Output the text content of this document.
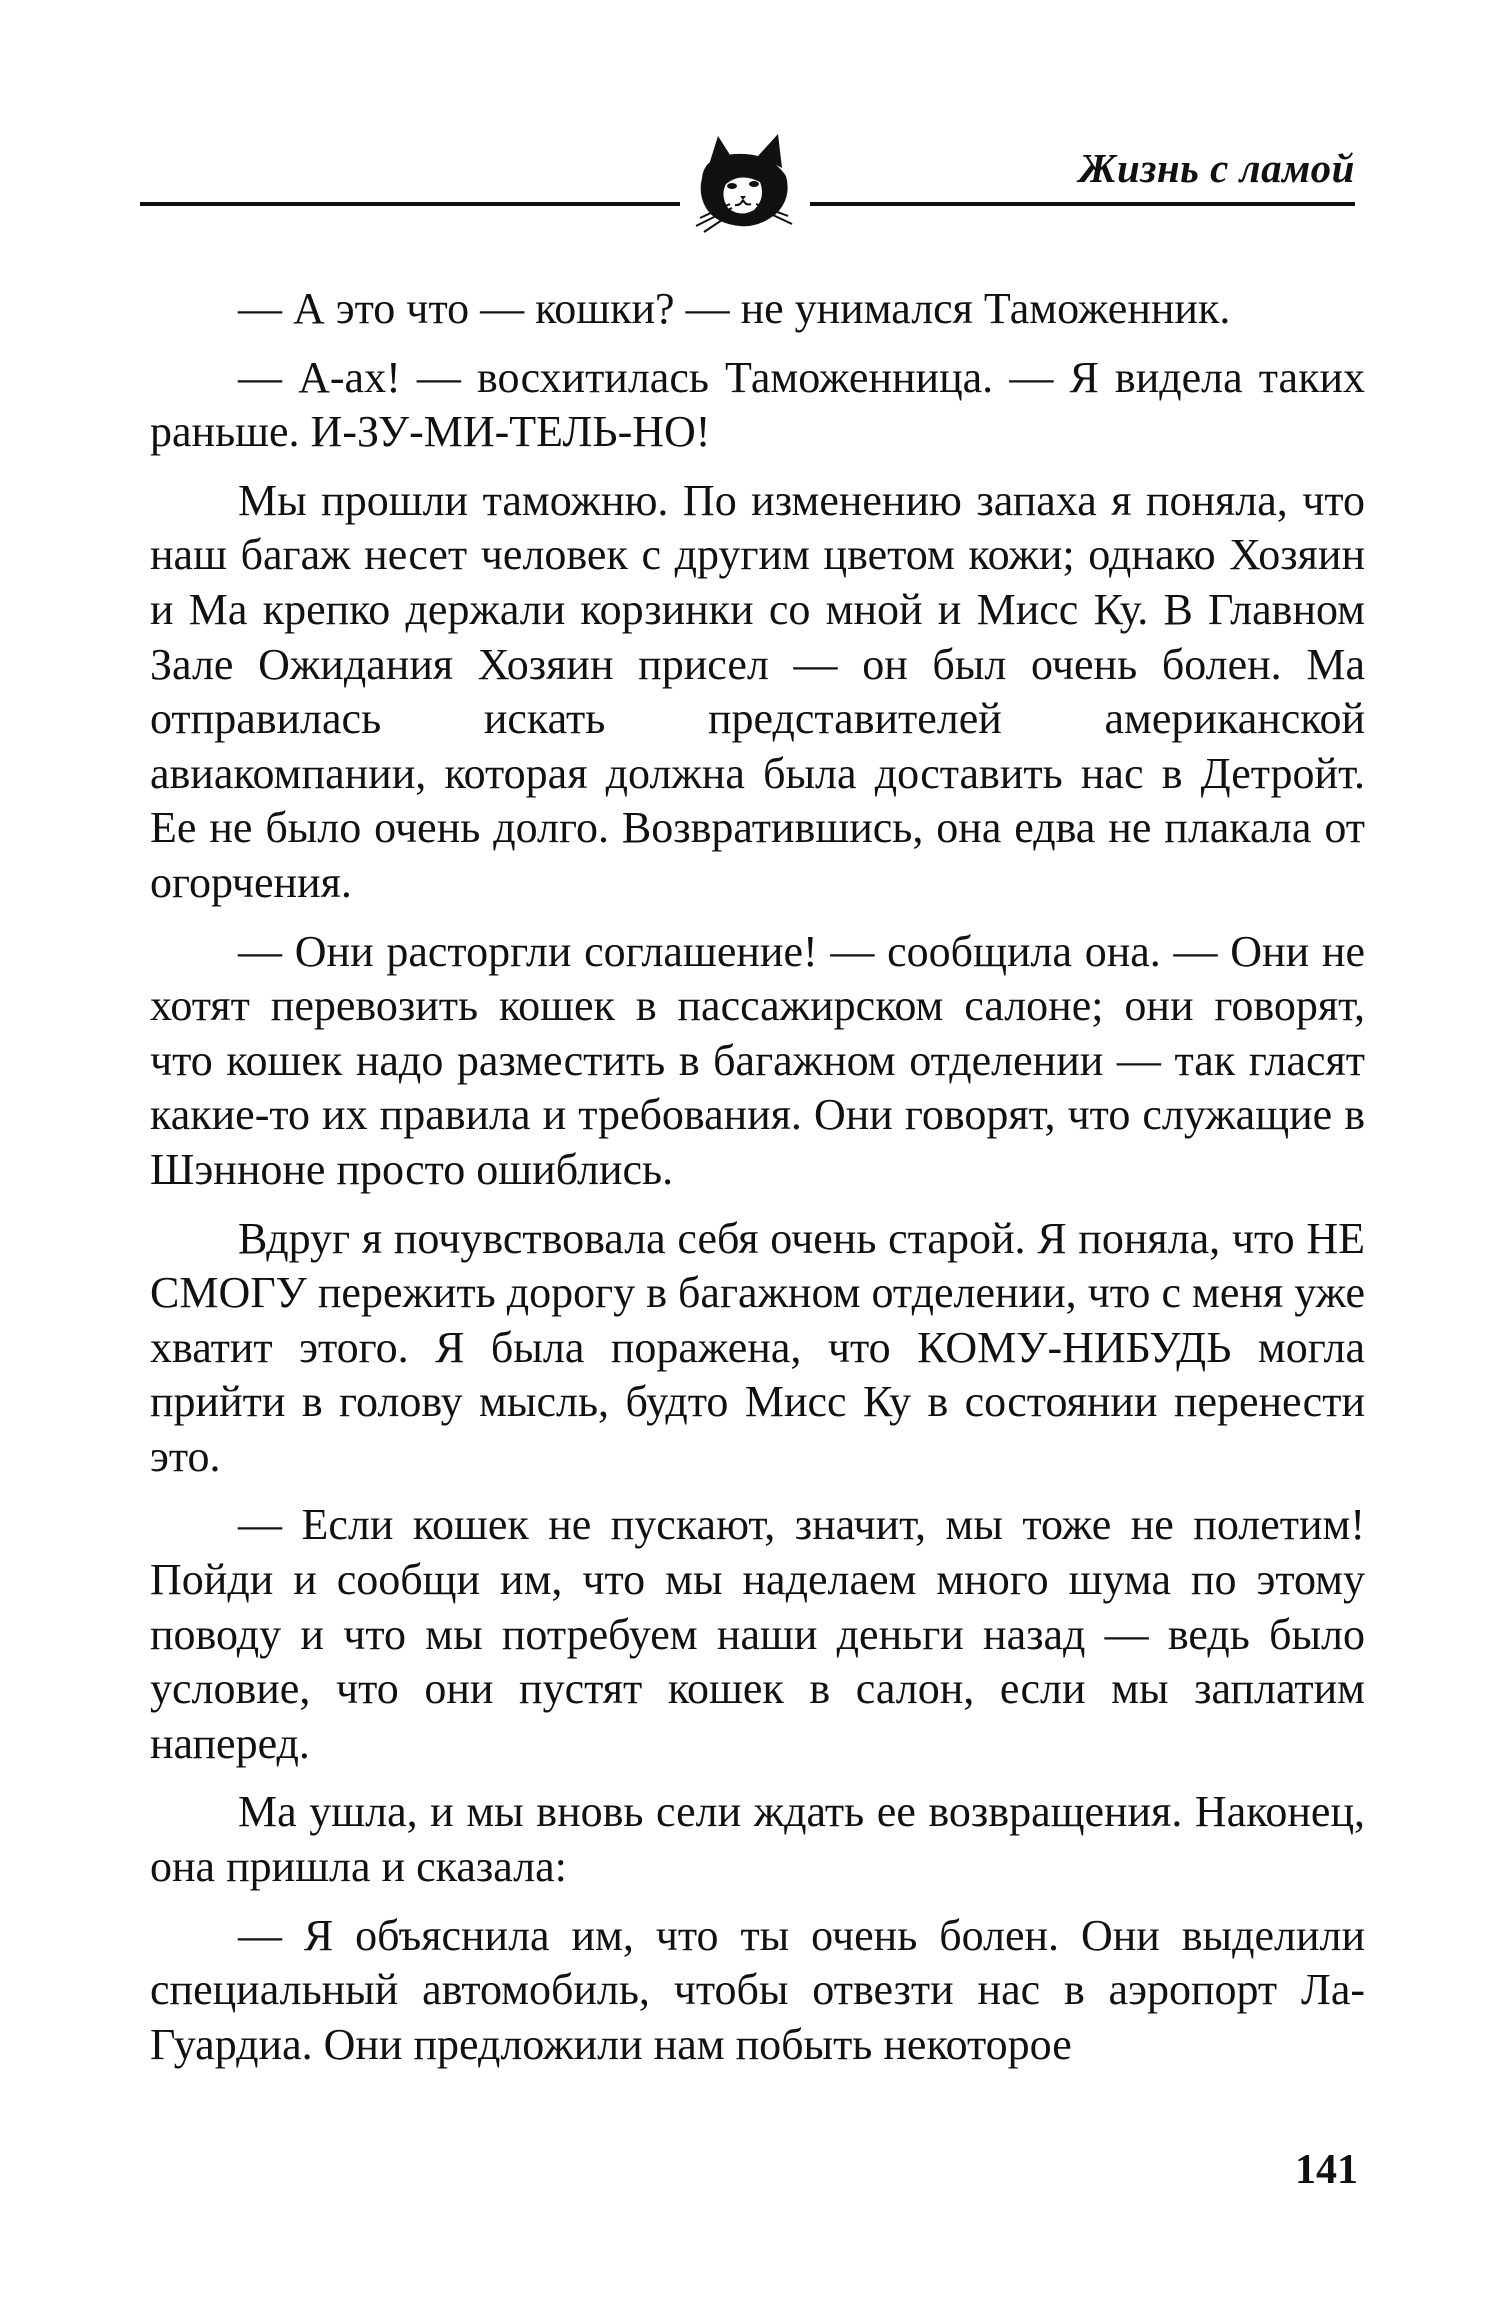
Жизнь с ламой

— А это что — кошки? — не унимался Таможенник.

— А-ах! — восхитилась Таможенница. — Я видела таких раньше. И-ЗУ-МИ-ТЕЛЬ-НО!

Мы прошли таможню. По изменению запаха я поняла, что наш багаж несет человек с другим цветом кожи; однако Хозяин и Ма крепко держали корзинки со мной и Мисс Ку. В Главном Зале Ожидания Хозяин присел — он был очень болен. Ма отправилась искать представителей американской авиакомпании, которая должна была доставить нас в Детройт. Ее не было очень долго. Возвратившись, она едва не плакала от огорчения.

— Они расторгли соглашение! — сообщила она. — Они не хотят перевозить кошек в пассажирском салоне; они говорят, что кошек надо разместить в багажном отделении — так гласят какие-то их правила и требования. Они говорят, что служащие в Шэнноне просто ошиблись.

Вдруг я почувствовала себя очень старой. Я поняла, что НЕ СМОГУ пережить дорогу в багажном отделении, что с меня уже хватит этого. Я была поражена, что КОМУ-НИБУДЬ могла прийти в голову мысль, будто Мисс Ку в состоянии перенести это.

— Если кошек не пускают, значит, мы тоже не полетим! Пойди и сообщи им, что мы наделаем много шума по этому поводу и что мы потребуем наши деньги назад — ведь было условие, что они пустят кошек в салон, если мы заплатим наперед.

Ма ушла, и мы вновь сели ждать ее возвращения. Наконец, она пришла и сказала:

— Я объяснила им, что ты очень болен. Они выделили специальный автомобиль, чтобы отвезти нас в аэропорт Ла-Гуардиа. Они предложили нам побыть некоторое

141
